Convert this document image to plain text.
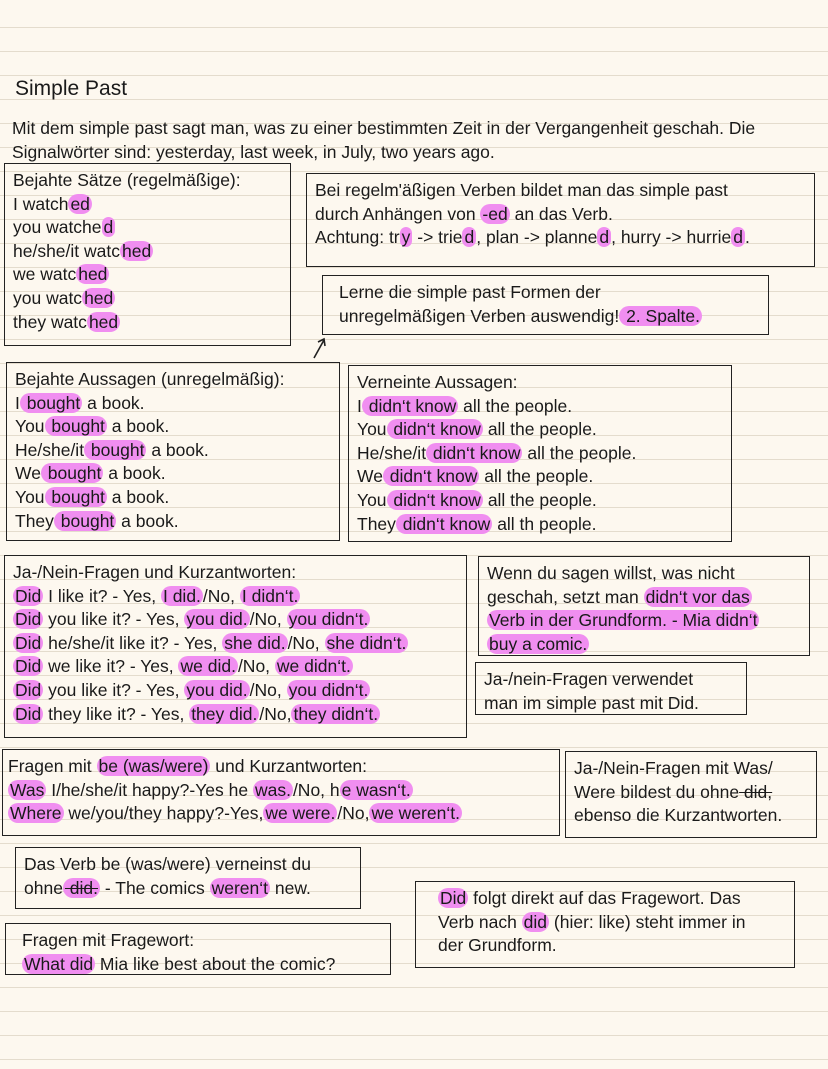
Simple Past
Mit dem simple past sagt man, was zu einer bestimmten Zeit in der Vergangenheit geschah. Die Signalwörter sind: yesterday, last week, in July, two years ago.
Bejahte Sätze (regelmäßige):
I watch ed
you watche d
he/she/it watc hed
we watc hed
you watc hed
they watc hed
Bei regelm'äßigen Verben bildet man das simple past
durch Anhängen von -ed an das Verb.
Achtung: tr y -> trie d , plan -> planne d , hurry -> hurrie d .
Lerne die simple past Formen der
unregelmäßigen Verben auswendig! 2. Spalte.
Bejahte Aussagen (unregelmäßig):
I bought a book.
You bought a book.
He/she/it bought a book.
We bought a book.
You bought a book.
They bought a book.
Verneinte Aussagen:
I didn‘t know all the people.
You didn‘t know all the people.
He/she/it didn‘t know all the people.
We didn‘t know all the people.
You didn‘t know all the people.
They didn‘t know all th people.
Ja-/Nein-Fragen und Kurzantworten:
Did I like it? - Yes, I did. /No, I didn‘t.
Did you like it? - Yes, you did. /No, you didn‘t.
Did he/she/it like it? - Yes, she did. /No, she didn‘t.
Did we like it? - Yes, we did. /No, we didn‘t.
Did you like it? - Yes, you did. /No, you didn‘t.
Did they like it? - Yes, they did. /No, they didn‘t.
Wenn du sagen willst, was nicht
geschah, setzt man didn‘t vor das
Verb in der Grundform. - Mia didn‘t
buy a comic.
Ja-/nein-Fragen verwendet
man im simple past mit Did.
Fragen mit be (was/were) und Kurzantworten:
Was I/he/she/it happy?-Yes he was. /No, h e wasn‘t.
Where we/you/they happy?-Yes, we were. /No, we weren‘t.
Ja-/Nein-Fragen mit Was/
Were bildest du ohne did,
ebenso die Kurzantworten.
Das Verb be (was/were) verneinst du
ohne did. - The comics weren‘t new.
Fragen mit Fragewort:
What did Mia like best about the comic?
Did folgt direkt auf das Fragewort. Das
Verb nach did (hier: like) steht immer in
der Grundform.
